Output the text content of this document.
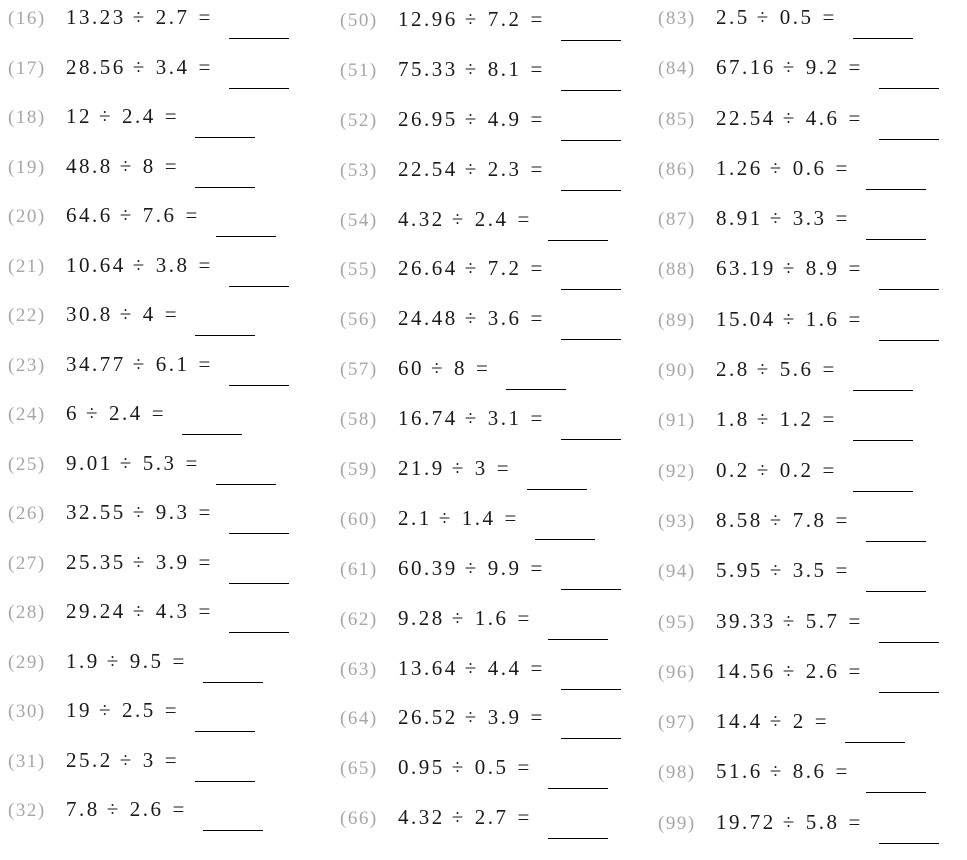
(16) 13.23 ÷ 2.7 =
(17) 28.56 ÷ 3.4 =
(18) 12 ÷ 2.4 =
(19) 48.8 ÷ 8 =
(20) 64.6 ÷ 7.6 =
(21) 10.64 ÷ 3.8 =
(22) 30.8 ÷ 4 =
(23) 34.77 ÷ 6.1 =
(24) 6 ÷ 2.4 =
(25) 9.01 ÷ 5.3 =
(26) 32.55 ÷ 9.3 =
(27) 25.35 ÷ 3.9 =
(28) 29.24 ÷ 4.3 =
(29) 1.9 ÷ 9.5 =
(30) 19 ÷ 2.5 =
(31) 25.2 ÷ 3 =
(32) 7.8 ÷ 2.6 =
(50) 12.96 ÷ 7.2 =
(51) 75.33 ÷ 8.1 =
(52) 26.95 ÷ 4.9 =
(53) 22.54 ÷ 2.3 =
(54) 4.32 ÷ 2.4 =
(55) 26.64 ÷ 7.2 =
(56) 24.48 ÷ 3.6 =
(57) 60 ÷ 8 =
(58) 16.74 ÷ 3.1 =
(59) 21.9 ÷ 3 =
(60) 2.1 ÷ 1.4 =
(61) 60.39 ÷ 9.9 =
(62) 9.28 ÷ 1.6 =
(63) 13.64 ÷ 4.4 =
(64) 26.52 ÷ 3.9 =
(65) 0.95 ÷ 0.5 =
(66) 4.32 ÷ 2.7 =
(83) 2.5 ÷ 0.5 =
(84) 67.16 ÷ 9.2 =
(85) 22.54 ÷ 4.6 =
(86) 1.26 ÷ 0.6 =
(87) 8.91 ÷ 3.3 =
(88) 63.19 ÷ 8.9 =
(89) 15.04 ÷ 1.6 =
(90) 2.8 ÷ 5.6 =
(91) 1.8 ÷ 1.2 =
(92) 0.2 ÷ 0.2 =
(93) 8.58 ÷ 7.8 =
(94) 5.95 ÷ 3.5 =
(95) 39.33 ÷ 5.7 =
(96) 14.56 ÷ 2.6 =
(97) 14.4 ÷ 2 =
(98) 51.6 ÷ 8.6 =
(99) 19.72 ÷ 5.8 =
